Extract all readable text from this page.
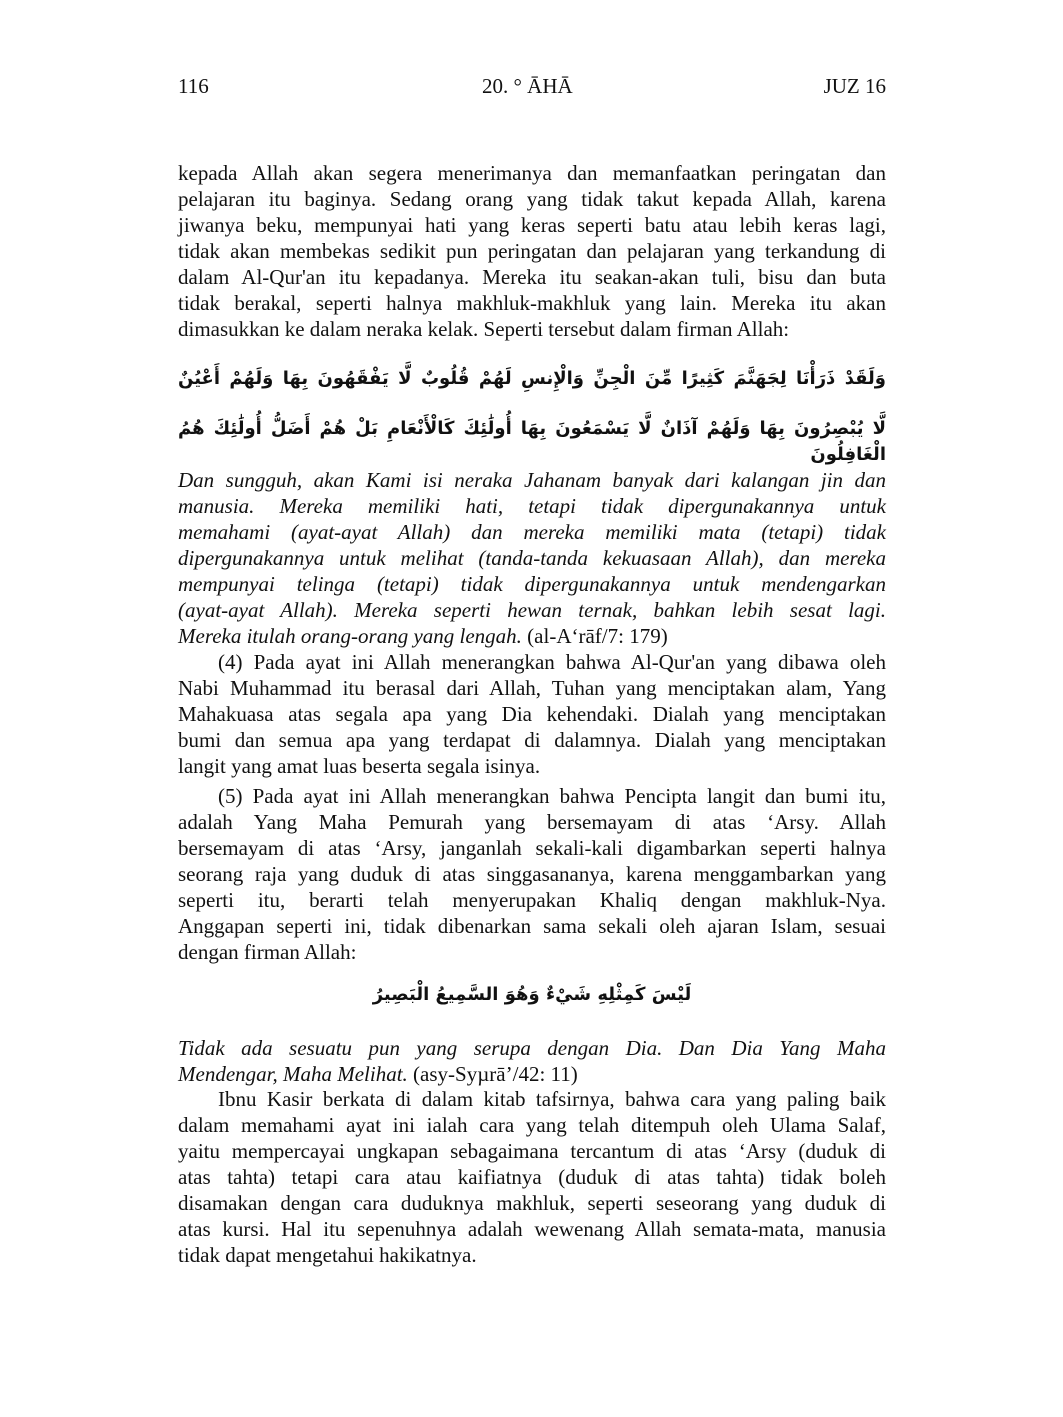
116	20. ° ĀHĀ	JUZ 16
kepada Allah akan segera menerimanya dan memanfaatkan peringatan dan
pelajaran itu baginya. Sedang orang yang tidak takut kepada Allah, karena
jiwanya beku, mempunyai hati yang keras seperti batu atau lebih keras lagi,
tidak akan membekas sedikit pun peringatan dan pelajaran yang terkandung di
dalam Al-Qur'an itu kepadanya. Mereka itu seakan-akan tuli, bisu dan buta
tidak berakal, seperti halnya makhluk-makhluk yang lain. Mereka itu akan
dimasukkan ke dalam neraka kelak. Seperti tersebut dalam firman Allah:
وَلَقَدْ ذَرَأْنَا لِجَهَنَّمَ كَثِيرًا مِّنَ الْجِنِّ وَالْإِنسِ لَهُمْ قُلُوبٌ لَّا يَفْقَهُونَ بِهَا وَلَهُمْ أَعْيُنٌ
لَّا يُبْصِرُونَ بِهَا وَلَهُمْ آذَانٌ لَّا يَسْمَعُونَ بِهَا أُولَٰئِكَ كَالْأَنْعَامِ بَلْ هُمْ أَضَلُّ أُولَٰئِكَ هُمُ الْغَافِلُونَ
Dan sungguh, akan Kami isi neraka Jahanam banyak dari kalangan jin dan
manusia. Mereka memiliki hati, tetapi tidak dipergunakannya untuk
memahami (ayat-ayat Allah) dan mereka memiliki mata (tetapi) tidak
dipergunakannya untuk melihat (tanda-tanda kekuasaan Allah), dan mereka
mempunyai telinga (tetapi) tidak dipergunakannya untuk mendengarkan
(ayat-ayat Allah). Mereka seperti hewan ternak, bahkan lebih sesat lagi.
Mereka itulah orang-orang yang lengah. (al-A‘rāf/7: 179)
(4) Pada ayat ini Allah menerangkan bahwa Al-Qur'an yang dibawa oleh
Nabi Muhammad itu berasal dari Allah, Tuhan yang menciptakan alam, Yang
Mahakuasa atas segala apa yang Dia kehendaki. Dialah yang menciptakan
bumi dan semua apa yang terdapat di dalamnya. Dialah yang menciptakan
langit yang amat luas beserta segala isinya.
(5) Pada ayat ini Allah menerangkan bahwa Pencipta langit dan bumi itu,
adalah Yang Maha Pemurah yang bersemayam di atas ‘Arsy. Allah
bersemayam di atas ‘Arsy, janganlah sekali-kali digambarkan seperti halnya
seorang raja yang duduk di atas singgasananya, karena menggambarkan yang
seperti itu, berarti telah menyerupakan Khaliq dengan makhluk-Nya.
Anggapan seperti ini, tidak dibenarkan sama sekali oleh ajaran Islam, sesuai
dengan firman Allah:
لَيْسَ كَمِثْلِهِ شَيْءٌ وَهُوَ السَّمِيعُ الْبَصِيرُ
Tidak ada sesuatu pun yang serupa dengan Dia. Dan Dia Yang Maha
Mendengar, Maha Melihat. (asy-Syµrā’/42: 11)
Ibnu Kasir berkata di dalam kitab tafsirnya, bahwa cara yang paling baik
dalam memahami ayat ini ialah cara yang telah ditempuh oleh Ulama Salaf,
yaitu mempercayai ungkapan sebagaimana tercantum di atas ‘Arsy (duduk di
atas tahta) tetapi cara atau kaifiatnya (duduk di atas tahta) tidak boleh
disamakan dengan cara duduknya makhluk, seperti seseorang yang duduk di
atas kursi. Hal itu sepenuhnya adalah wewenang Allah semata-mata, manusia
tidak dapat mengetahui hakikatnya.
